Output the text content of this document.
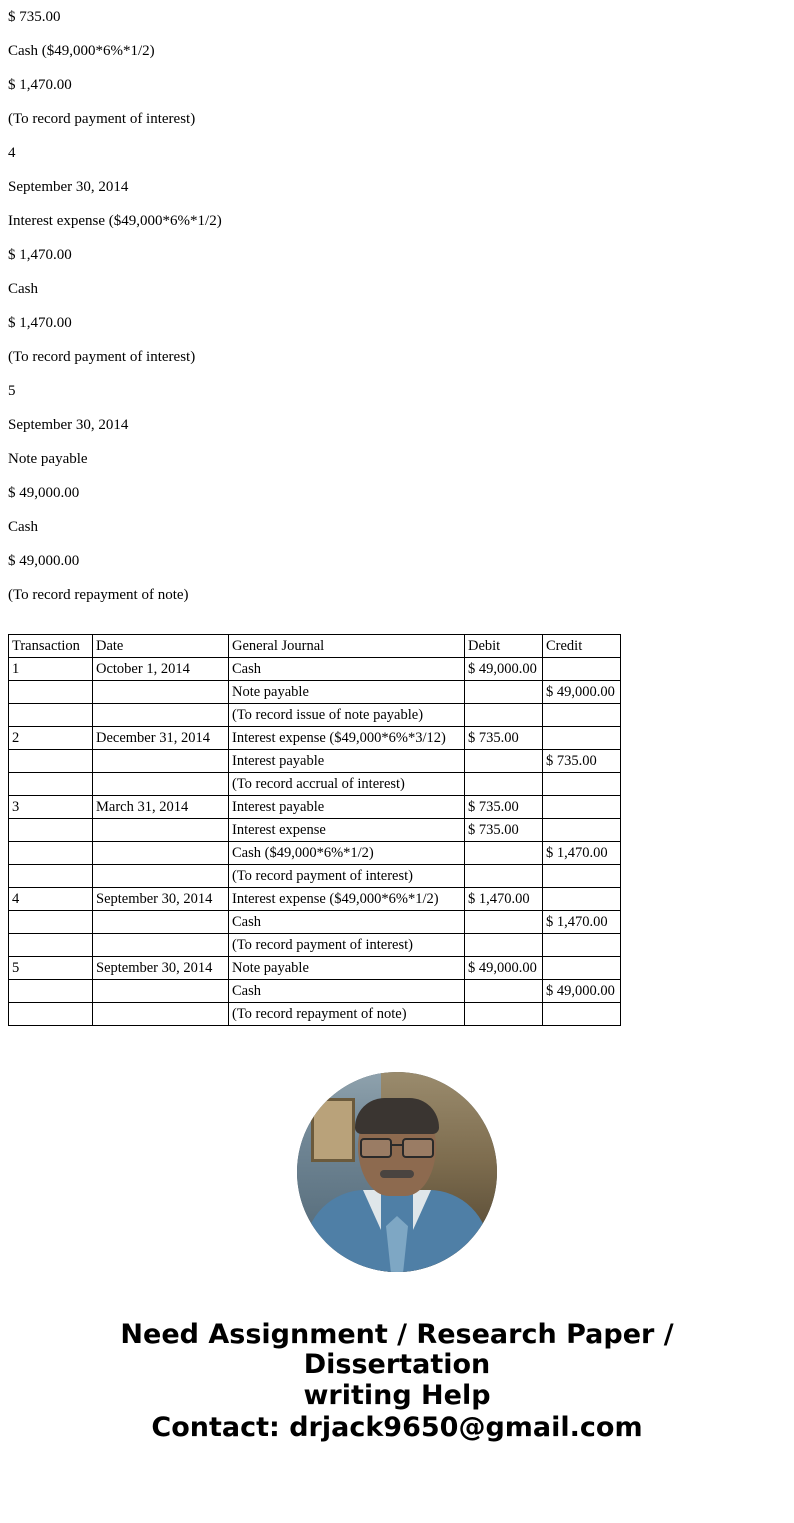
$ 735.00
Cash ($49,000*6%*1/2)
$ 1,470.00
(To record payment of interest)
4
September 30, 2014
Interest expense ($49,000*6%*1/2)
$ 1,470.00
Cash
$ 1,470.00
(To record payment of interest)
5
September 30, 2014
Note payable
$ 49,000.00
Cash
$ 49,000.00
(To record repayment of note)
Transaction	Date	General Journal	Debit	Credit
1	October 1, 2014	Cash	$ 49,000.00	
		Note payable		$ 49,000.00
		(To record issue of note payable)		
2	December 31, 2014	Interest expense ($49,000*6%*3/12)	$ 735.00	
		Interest payable		$ 735.00
		(To record accrual of interest)		
3	March 31, 2014	Interest payable	$ 735.00	
		Interest expense	$ 735.00	
		Cash ($49,000*6%*1/2)		$ 1,470.00
		(To record payment of interest)		
4	September 30, 2014	Interest expense ($49,000*6%*1/2)	$ 1,470.00	
		Cash		$ 1,470.00
		(To record payment of interest)		
5	September 30, 2014	Note payable	$ 49,000.00	
		Cash		$ 49,000.00
		(To record repayment of note)		
Need Assignment / Research Paper / Dissertation
writing Help
Contact: drjack9650@gmail.com
